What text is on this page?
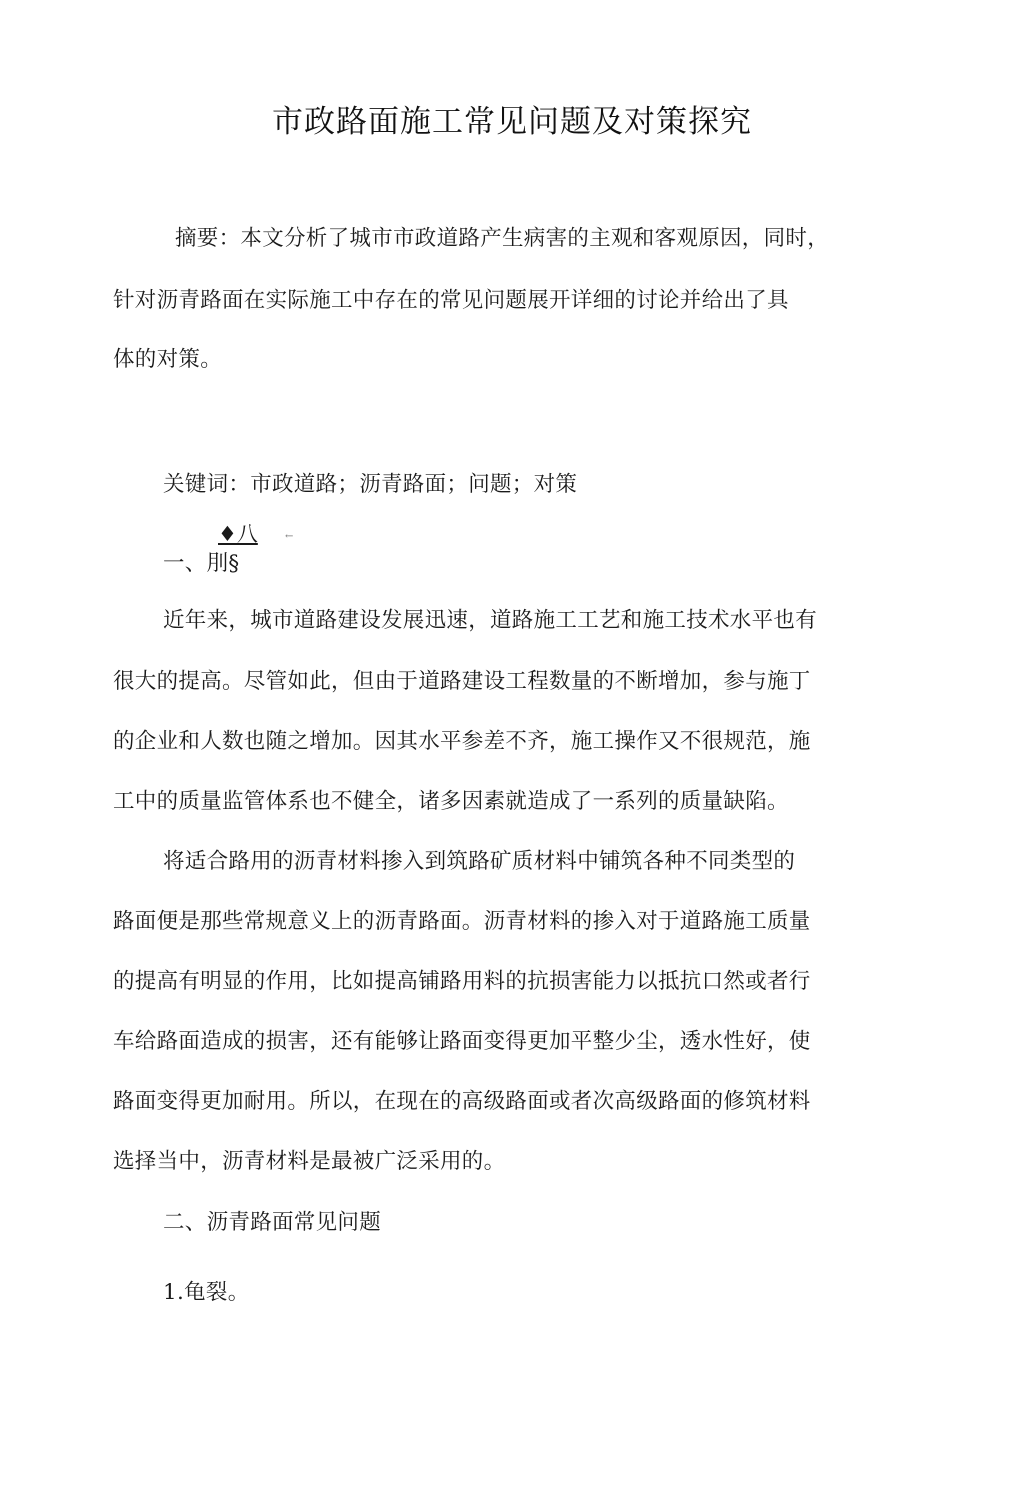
市政路面施工常见问题及对策探究
摘要：本文分析了城市市政道路产生病害的主观和客观原因，同时，
针对沥青路面在实际施工中存在的常见问题展开详细的讨论并给出了具
体的对策。
关键词：市政道路；沥青路面；问题；对策
♦八	←
一、刖§
近年来，城市道路建设发展迅速，道路施工工艺和施工技术水平也有
很大的提高。尽管如此，但由于道路建设工程数量的不断增加，参与施丁
的企业和人数也随之增加。因其水平参差不齐，施工操作又不很规范，施
工中的质量监管体系也不健全，诸多因素就造成了一系列的质量缺陷。
将适合路用的沥青材料掺入到筑路矿质材料中铺筑各种不同类型的
路面便是那些常规意义上的沥青路面。沥青材料的掺入对于道路施工质量
的提高有明显的作用，比如提高铺路用料的抗损害能力以抵抗口然或者行
车给路面造成的损害，还有能够让路面变得更加平整少尘，透水性好，使
路面变得更加耐用。所以，在现在的高级路面或者次高级路面的修筑材料
选择当中，沥青材料是最被广泛采用的。
二、沥青路面常见问题
1.龟裂。
